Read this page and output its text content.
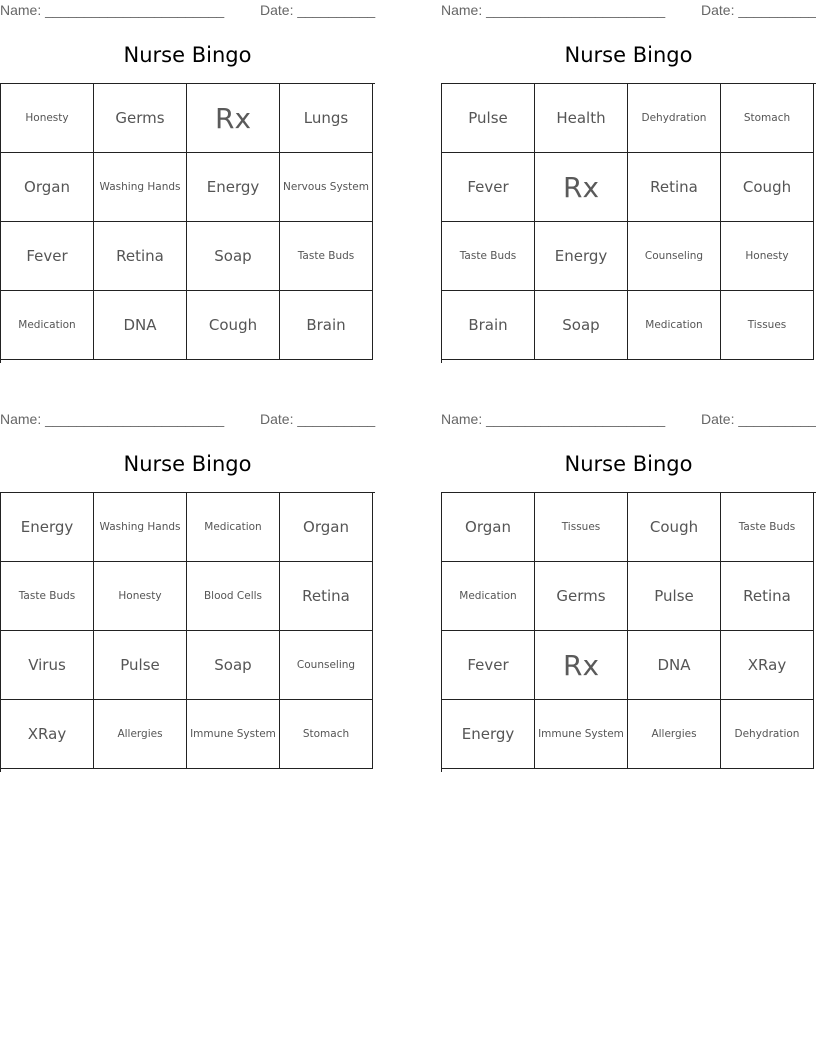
Name: _______________________	Date: __________
Nurse Bingo
Honesty	Germs	Rx	Lungs
Organ	Washing Hands	Energy	Nervous System
Fever	Retina	Soap	Taste Buds
Medication	DNA	Cough	Brain
Name: _______________________	Date: __________
Nurse Bingo
Pulse	Health	Dehydration	Stomach
Fever	Rx	Retina	Cough
Taste Buds	Energy	Counseling	Honesty
Brain	Soap	Medication	Tissues
Name: _______________________	Date: __________
Nurse Bingo
Energy	Washing Hands	Medication	Organ
Taste Buds	Honesty	Blood Cells	Retina
Virus	Pulse	Soap	Counseling
XRay	Allergies	Immune System	Stomach
Name: _______________________	Date: __________
Nurse Bingo
Organ	Tissues	Cough	Taste Buds
Medication	Germs	Pulse	Retina
Fever	Rx	DNA	XRay
Energy	Immune System	Allergies	Dehydration
